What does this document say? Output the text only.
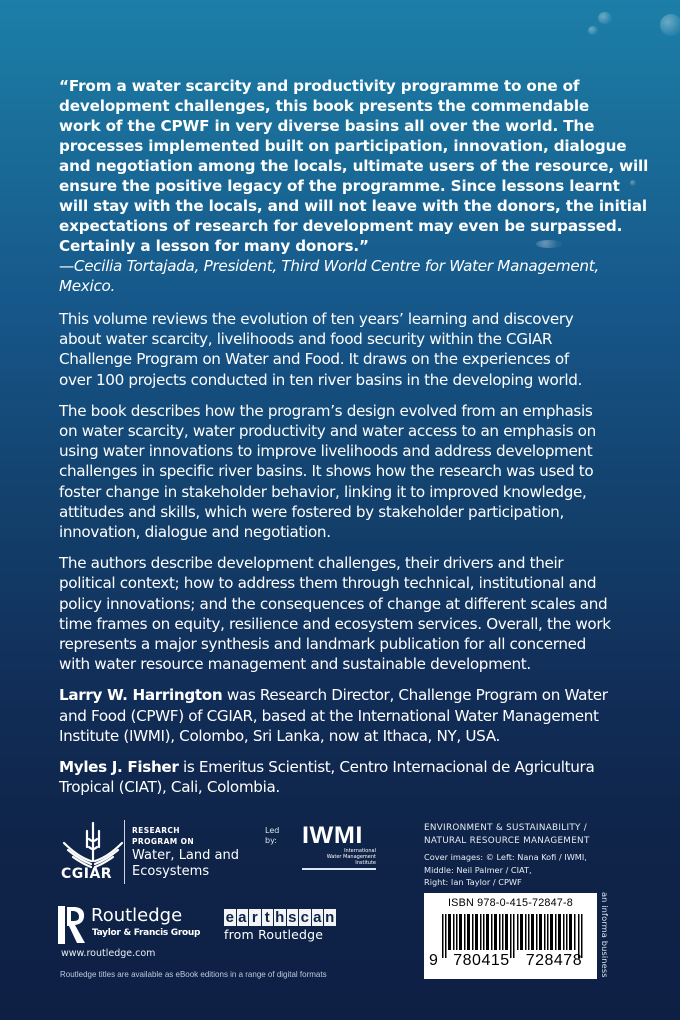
“From a water scarcity and productivity programme to one of
development challenges, this book presents the commendable
work of the CPWF in very diverse basins all over the world. The
processes implemented built on participation, innovation, dialogue
and negotiation among the locals, ultimate users of the resource, will
ensure the positive legacy of the programme. Since lessons learnt
will stay with the locals, and will not leave with the donors, the initial
expectations of research for development may even be surpassed.
Certainly a lesson for many donors.”
—Cecilia Tortajada, President, Third World Centre for Water Management,
Mexico.
This volume reviews the evolution of ten years’ learning and discovery
about water scarcity, livelihoods and food security within the CGIAR
Challenge Program on Water and Food. It draws on the experiences of
over 100 projects conducted in ten river basins in the developing world.
The book describes how the program’s design evolved from an emphasis
on water scarcity, water productivity and water access to an emphasis on
using water innovations to improve livelihoods and address development
challenges in specific river basins. It shows how the research was used to
foster change in stakeholder behavior, linking it to improved knowledge,
attitudes and skills, which were fostered by stakeholder participation,
innovation, dialogue and negotiation.
The authors describe development challenges, their drivers and their
political context; how to address them through technical, institutional and
policy innovations; and the consequences of change at different scales and
time frames on equity, resilience and ecosystem services. Overall, the work
represents a major synthesis and landmark publication for all concerned
with water resource management and sustainable development.
Larry W. Harrington was Research Director, Challenge Program on Water
and Food (CPWF) of CGIAR, based at the International Water Management
Institute (IWMI), Colombo, Sri Lanka, now at Ithaca, NY, USA.
Myles J. Fisher is Emeritus Scientist, Centro Internacional de Agricultura
Tropical (CIAT), Cali, Colombia.
CGIAR
RESEARCH
PROGRAM ON
Water, Land and
Ecosystems
Led
by: IWMI
International
Water Management
Institute
Routledge
Taylor & Francis Group
www.routledge.com
e a r t h s c a n
from Routledge
Routledge titles are available as eBook editions in a range of digital formats
ENVIRONMENT & SUSTAINABILITY /
NATURAL RESOURCE MANAGEMENT
Cover images: © Left: Nana Kofi / IWMI,
Middle: Neil Palmer / CIAT,
Right: Ian Taylor / CPWF
ISBN 978-0-415-72847-8
9 780415 728478	an informa business
